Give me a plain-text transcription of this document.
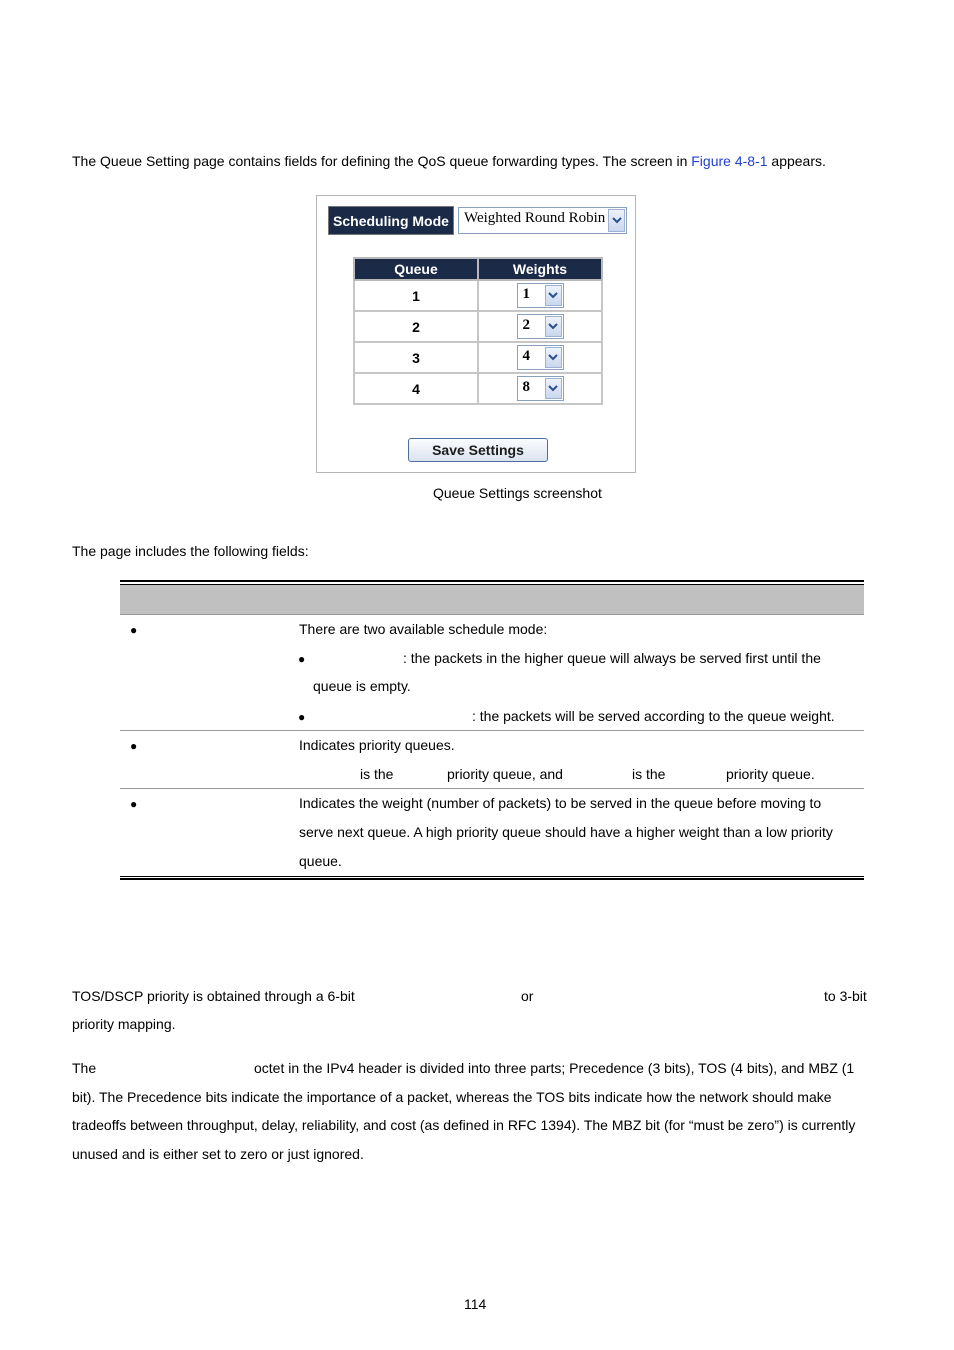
The Queue Setting page contains fields for defining the QoS queue forwarding types. The screen in Figure 4-8-1 appears.
Scheduling Mode	Weighted Round Robin
Queue	Weights
1	1

2	2

3	4

4	8
Save Settings
Queue Settings screenshot
The page includes the following fields:
●	There are two available schedule mode:
●	: the packets in the higher queue will always be served first until the
queue is empty.
●	: the packets will be served according to the queue weight.
●	Indicates priority queues.
is the	priority queue, and	is the	priority queue.
●	Indicates the weight (number of packets) to be served in the queue before moving to
serve next queue. A high priority queue should have a higher weight than a low priority
queue.
TOS/DSCP priority is obtained through a 6-bit	or	to 3-bit
priority mapping.
The	octet in the IPv4 header is divided into three parts; Precedence (3 bits), TOS (4 bits), and MBZ (1
bit). The Precedence bits indicate the importance of a packet, whereas the TOS bits indicate how the network should make
tradeoffs between throughput, delay, reliability, and cost (as defined in RFC 1394). The MBZ bit (for “must be zero”) is currently
unused and is either set to zero or just ignored.
114
